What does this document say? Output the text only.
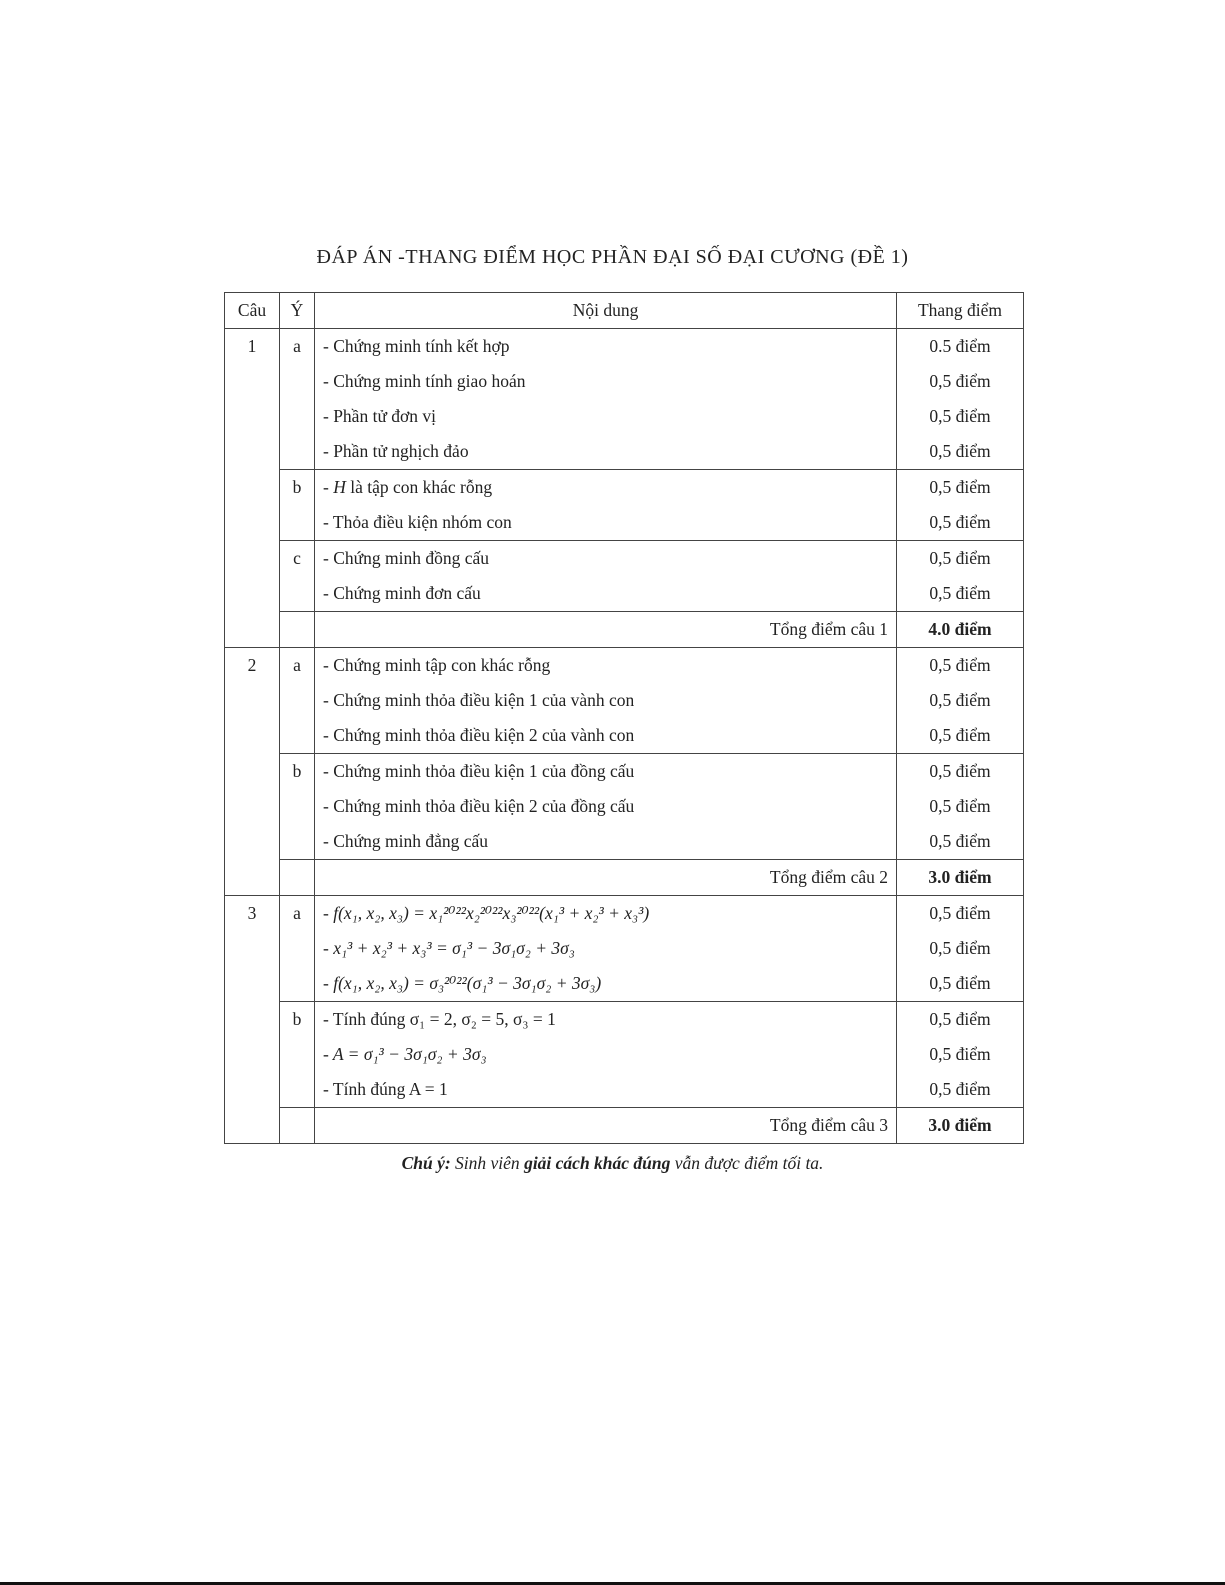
ĐÁP ÁN -THANG ĐIỂM HỌC PHẦN ĐẠI SỐ ĐẠI CƯƠNG (ĐỀ 1)
Câu	Ý	Nội dung	Thang điểm
1	a	- Chứng minh tính kết hợp	0.5 điểm
		- Chứng minh tính giao hoán	0,5 điểm
		- Phần tử đơn vị	0,5 điểm
		- Phần tử nghịch đảo	0,5 điểm
	b	- H là tập con khác rỗng	0,5 điểm
		- Thỏa điều kiện nhóm con	0,5 điểm
	c	- Chứng minh đồng cấu	0,5 điểm
		- Chứng minh đơn cấu	0,5 điểm
		Tổng điểm câu 1	4.0 điểm
2	a	- Chứng minh tập con khác rỗng	0,5 điểm
		- Chứng minh thỏa điều kiện 1 của vành con	0,5 điểm
		- Chứng minh thỏa điều kiện 2 của vành con	0,5 điểm
	b	- Chứng minh thỏa điều kiện 1 của đồng cấu	0,5 điểm
		- Chứng minh thỏa điều kiện 2 của đồng cấu	0,5 điểm
		- Chứng minh đẳng cấu	0,5 điểm
		Tổng điểm câu 2	3.0 điểm
3	a	- f(x₁, x₂, x₃) = x₁²⁰²²x₂²⁰²²x₃²⁰²²(x₁³ + x₂³ + x₃³)	0,5 điểm
		- x₁³ + x₂³ + x₃³ = σ₁³ − 3σ₁σ₂ + 3σ₃	0,5 điểm
		- f(x₁, x₂, x₃) = σ₃²⁰²²(σ₁³ − 3σ₁σ₂ + 3σ₃)	0,5 điểm
	b	- Tính đúng σ₁ = 2, σ₂ = 5, σ₃ = 1	0,5 điểm
		- A = σ₁³ − 3σ₁σ₂ + 3σ₃	0,5 điểm
		- Tính đúng A = 1	0,5 điểm
		Tổng điểm câu 3	3.0 điểm
Chú ý: Sinh viên giải cách khác đúng vẫn được điểm tối ta.
